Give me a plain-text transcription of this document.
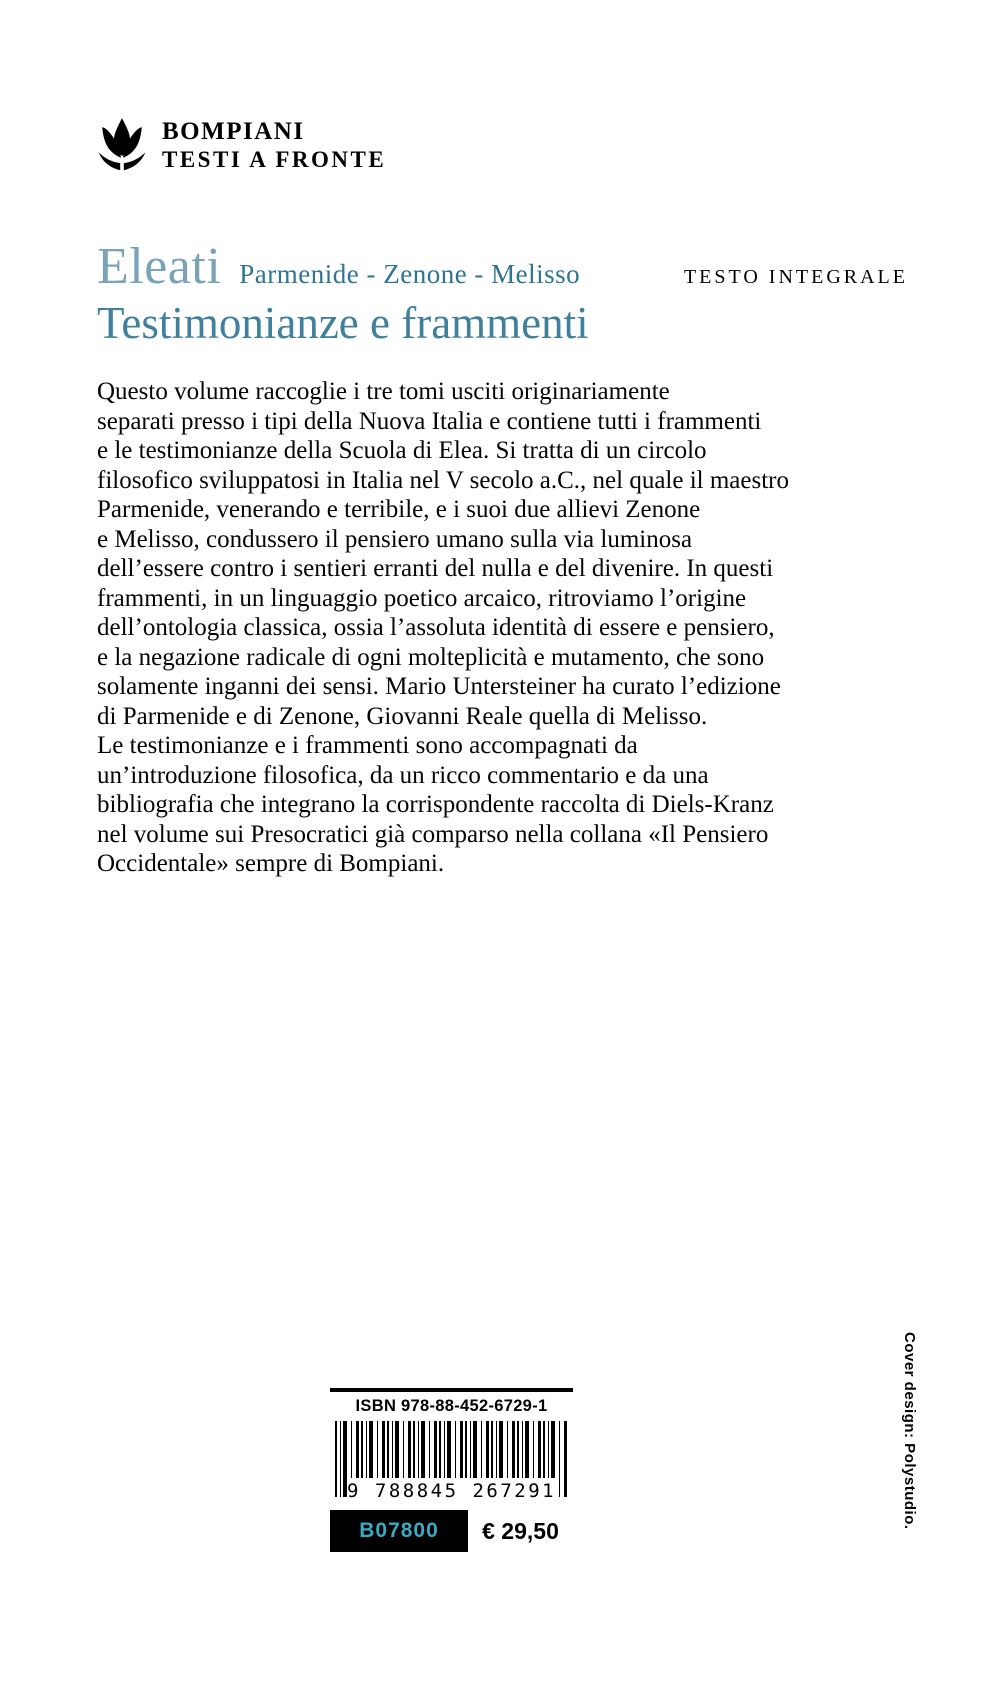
BOMPIANI
TESTI A FRONTE
Eleati Parmenide - Zenone - Melisso	TESTO INTEGRALE
Testimonianze e frammenti
Questo volume raccoglie i tre tomi usciti originariamente
separati presso i tipi della Nuova Italia e contiene tutti i frammenti
e le testimonianze della Scuola di Elea. Si tratta di un circolo
filosofico sviluppatosi in Italia nel V secolo a.C., nel quale il maestro
Parmenide, venerando e terribile, e i suoi due allievi Zenone
e Melisso, condussero il pensiero umano sulla via luminosa
dell’essere contro i sentieri erranti del nulla e del divenire. In questi
frammenti, in un linguaggio poetico arcaico, ritroviamo l’origine
dell’ontologia classica, ossia l’assoluta identità di essere e pensiero,
e la negazione radicale di ogni molteplicità e mutamento, che sono
solamente inganni dei sensi. Mario Untersteiner ha curato l’edizione
di Parmenide e di Zenone, Giovanni Reale quella di Melisso.
Le testimonianze e i frammenti sono accompagnati da
un’introduzione filosofica, da un ricco commentario e da una
bibliografia che integrano la corrispondente raccolta di Diels-Kranz
nel volume sui Presocratici già comparso nella collana «Il Pensiero
Occidentale» sempre di Bompiani.
Cover design: Polystudio.
ISBN 978-88-452-6729-1
9 788845 267291
B07800 € 29,50
